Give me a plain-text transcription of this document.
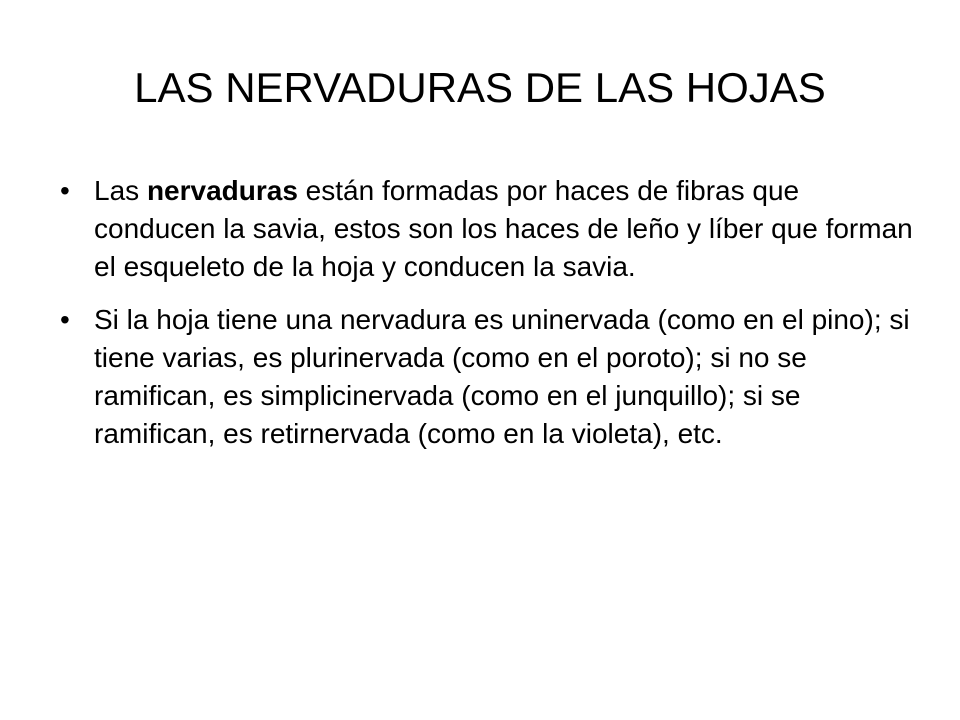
LAS NERVADURAS DE LAS HOJAS
• Las nervaduras están formadas por haces de fibras que conducen la savia, estos son los haces de leño y líber que forman el esqueleto de la hoja y conducen la savia.
• Si la hoja tiene una nervadura es uninervada (como en el pino); si tiene varias, es plurinervada (como en el poroto); si no se ramifican, es simplicinervada (como en el junquillo); si se ramifican, es retirnervada (como en la violeta), etc.
